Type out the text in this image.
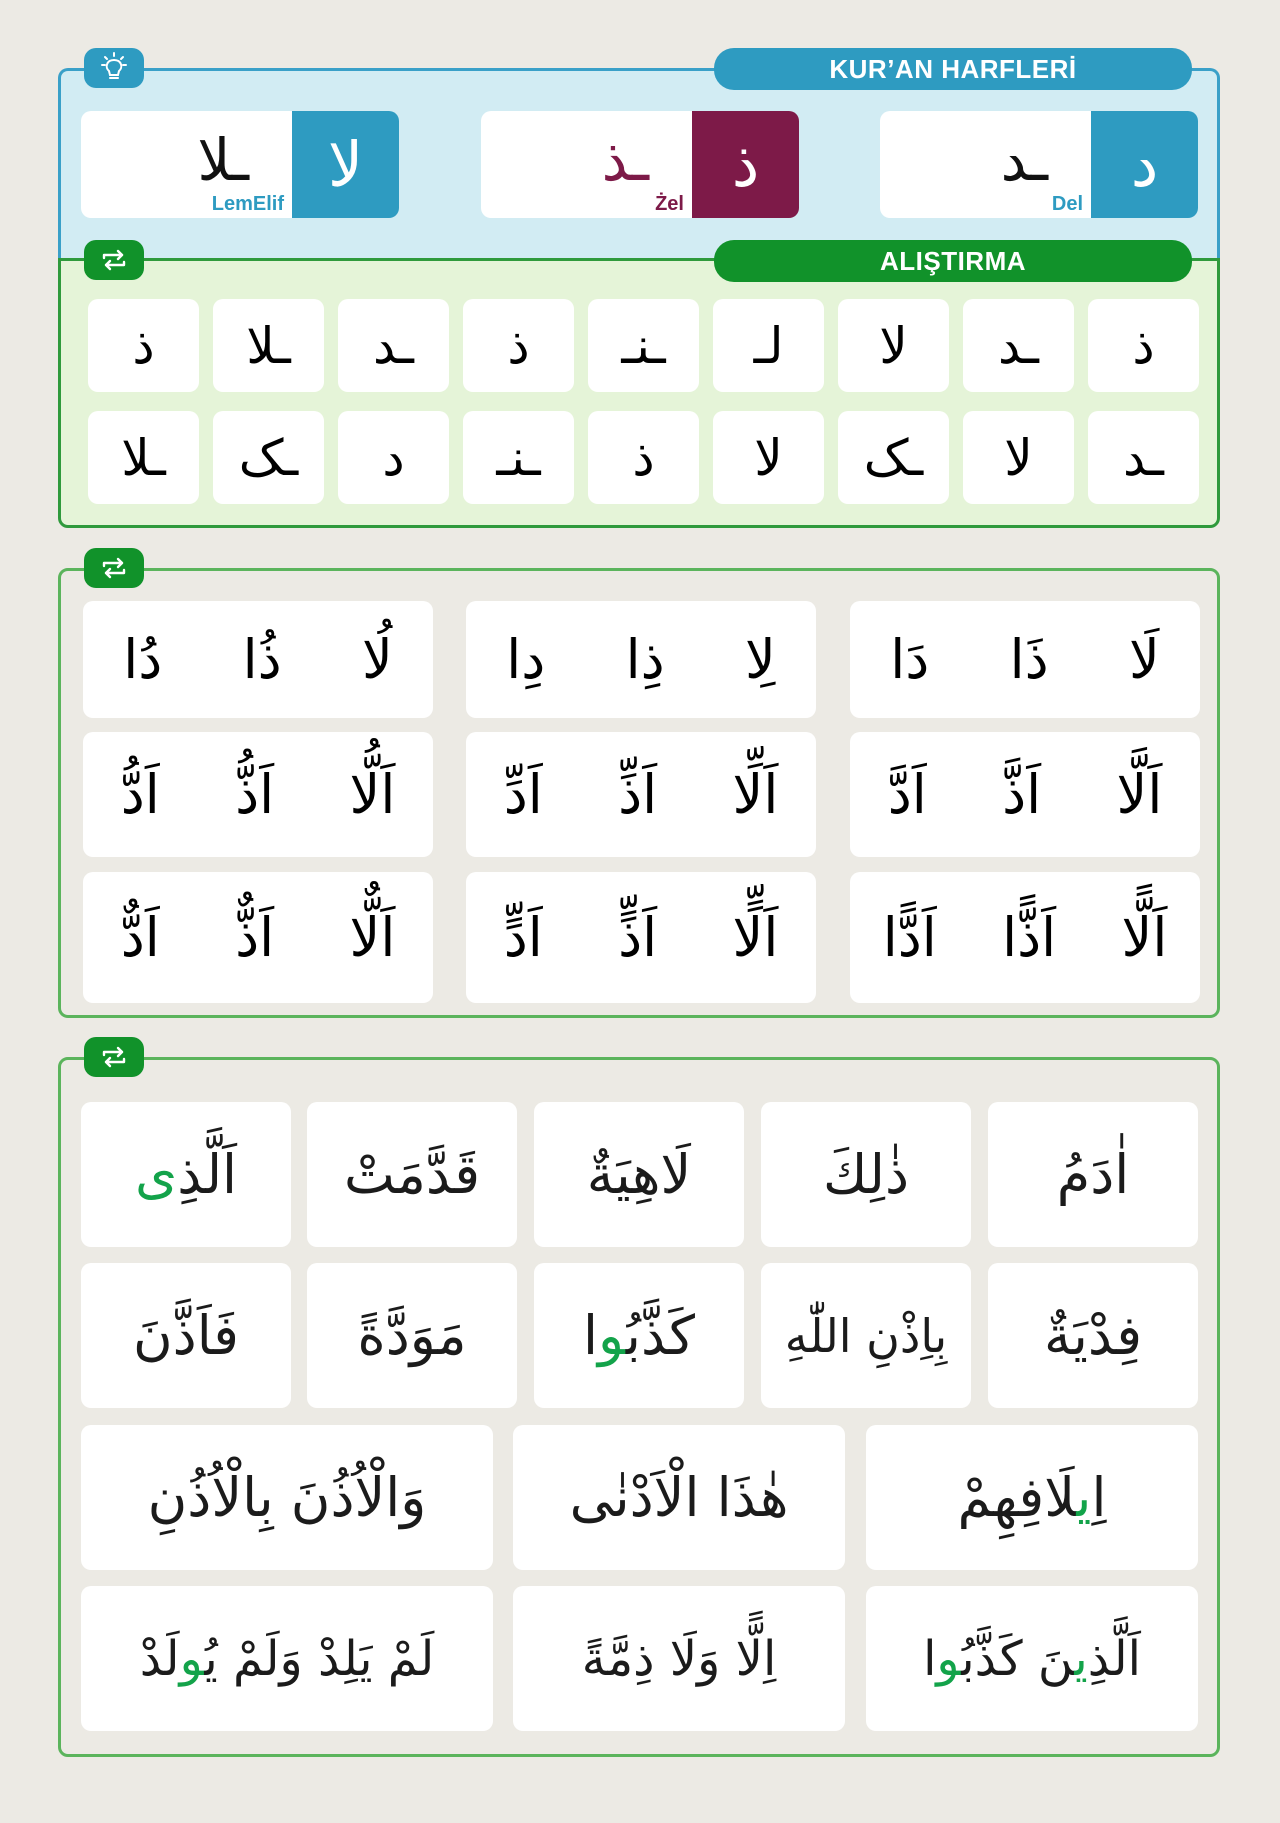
KUR’AN HARFLERİ
د
ـد
Del
ذ
ـذ
Żel
لا
ـلا
LemElif
ALIŞTIRMA
ذ
ـد
لا
لـ
ـنـ
ذ
ـد
ـلا
ذ
ـد
لا
ـک
لا
ذ
ـنـ
د
ـک
ـلا
دَا ذَا لَا
دِا ذِا لِا
دُا ذُا لُا
اَدَّ اَذَّ اَلَّا
اَدِّ اَذِّ اَلِّا
اَدُّ اَذُّ اَلُّا
اَدًّا اَذًّا اَلًّا
اَدٍّ اَذٍّ اَلٍّا
اَدٌّ اَذٌّ اَلٌّا
اٰدَمُ
ذٰلِكَ
لَاهِيَةٌ
قَدَّمَتْ
اَلَّذِى
فِدْيَةٌ
بِاِذْنِ اللّٰهِ
كَذَّبُوا
مَوَدَّةً
فَاَذَّنَ
اِيلَافِهِمْ
هٰذَا الْاَدْنٰى
وَالْاُذُنَ بِالْاُذُنِ
اَلَّذِينَ كَذَّبُوا
اِلًّا وَلَا ذِمَّةً
لَمْ يَلِدْ وَلَمْ يُولَدْ
